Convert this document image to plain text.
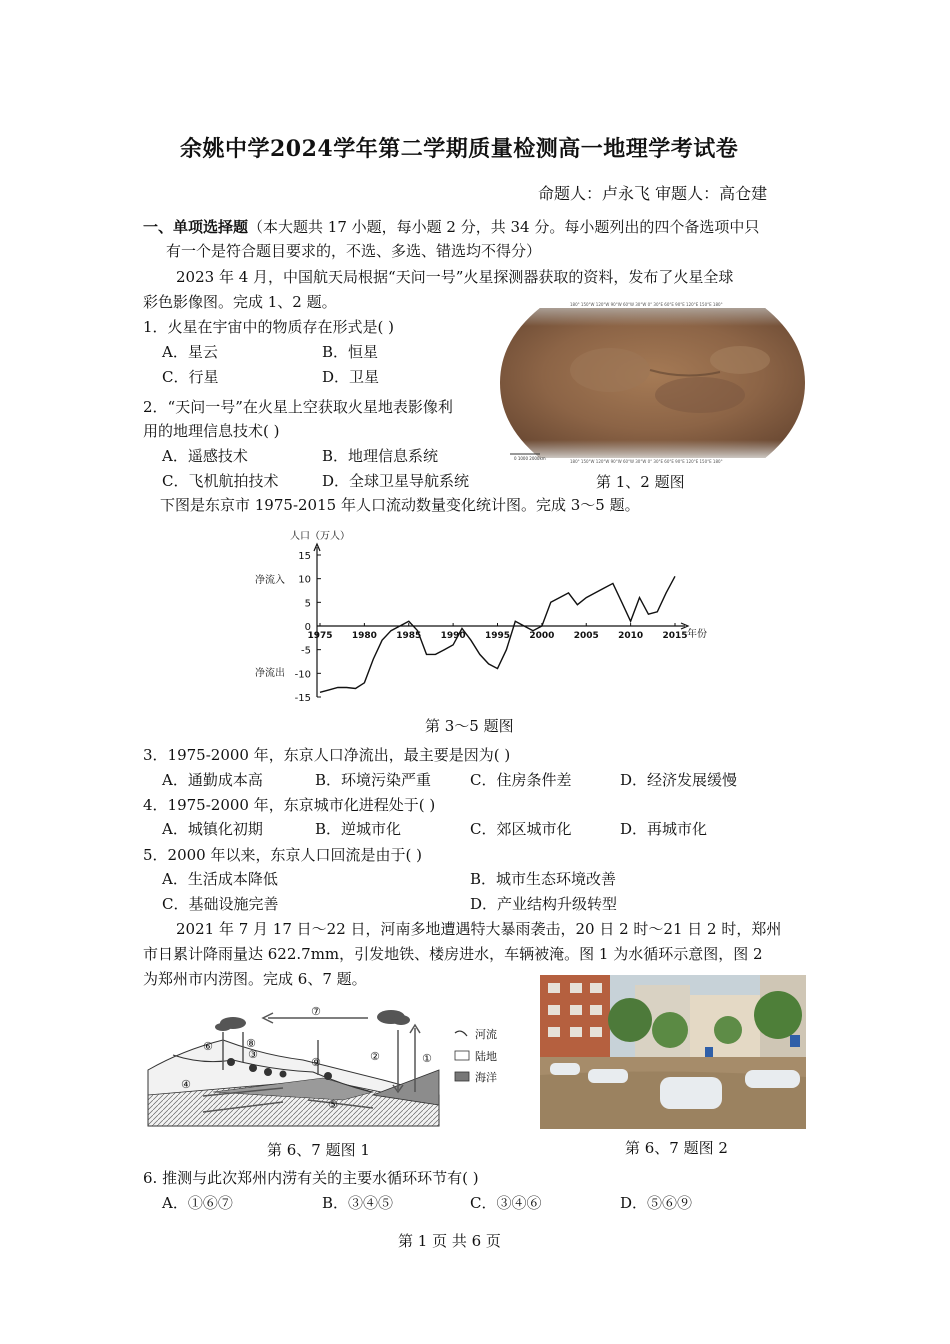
余姚中学2024学年第二学期质量检测高一地理学考试卷
命题人：卢永飞 审题人：高仓建
一、单项选择题（本大题共 17 小题，每小题 2 分，共 34 分。每小题列出的四个备选项中只
有一个是符合题目要求的，不选、多选、错选均不得分）
2023 年 4 月，中国航天局根据“天问一号”火星探测器获取的资料，发布了火星全球
彩色影像图。完成 1、2 题。
1．火星在宇宙中的物质存在形式是( )
A．星云	B．恒星
C．行星	D．卫星
2．“天问一号”在火星上空获取火星地表影像利
用的地理信息技术( )
A．遥感技术	B．地理信息系统
C．飞机航拍技术	D．全球卫星导航系统
180° 150°W 120°W 90°W 60°W 30°W 0° 30°E 60°E 90°E 120°E 150°E 180°
180° 150°W 120°W 90°W 60°W 30°W 0° 30°E 60°E 90°E 120°E 150°E 180°
0 1000 2000km
第 1、2 题图
下图是东京市 1975-2015 年人口流动数量变化统计图。完成 3～5 题。
人口（万人）
年份
净流入
净流出
15
10
5
0
-5
-10
-15
1975 1980 1985 1990 1995 2000 2005 2010 2015
第 3～5 题图
3．1975-2000 年，东京人口净流出，最主要是因为( )
A．通勤成本高	B．环境污染严重	C．住房条件差	D．经济发展缓慢
4．1975-2000 年，东京城市化进程处于( )
A．城镇化初期	B．逆城市化	C．郊区城市化	D．再城市化
5．2000 年以来，东京人口回流是由于( )
A．生活成本降低	B．城市生态环境改善
C．基础设施完善	D．产业结构升级转型
2021 年 7 月 17 日～22 日，河南多地遭遇特大暴雨袭击，20 日 2 时～21 日 2 时，郑州
市日累计降雨量达 622.7mm，引发地铁、楼房进水，车辆被淹。图 1 为水循环示意图，图 2
为郑州市内涝图。完成 6、7 题。
①
②
③
④
⑤
⑥
⑦
⑧
⑨
河流
陆地
海洋
第 6、7 题图 1	第 6、7 题图 2
6. 推测与此次郑州内涝有关的主要水循环环节有( )
A．①⑥⑦	B．③④⑤	C．③④⑥	D．⑤⑥⑨
第 1 页 共 6 页
